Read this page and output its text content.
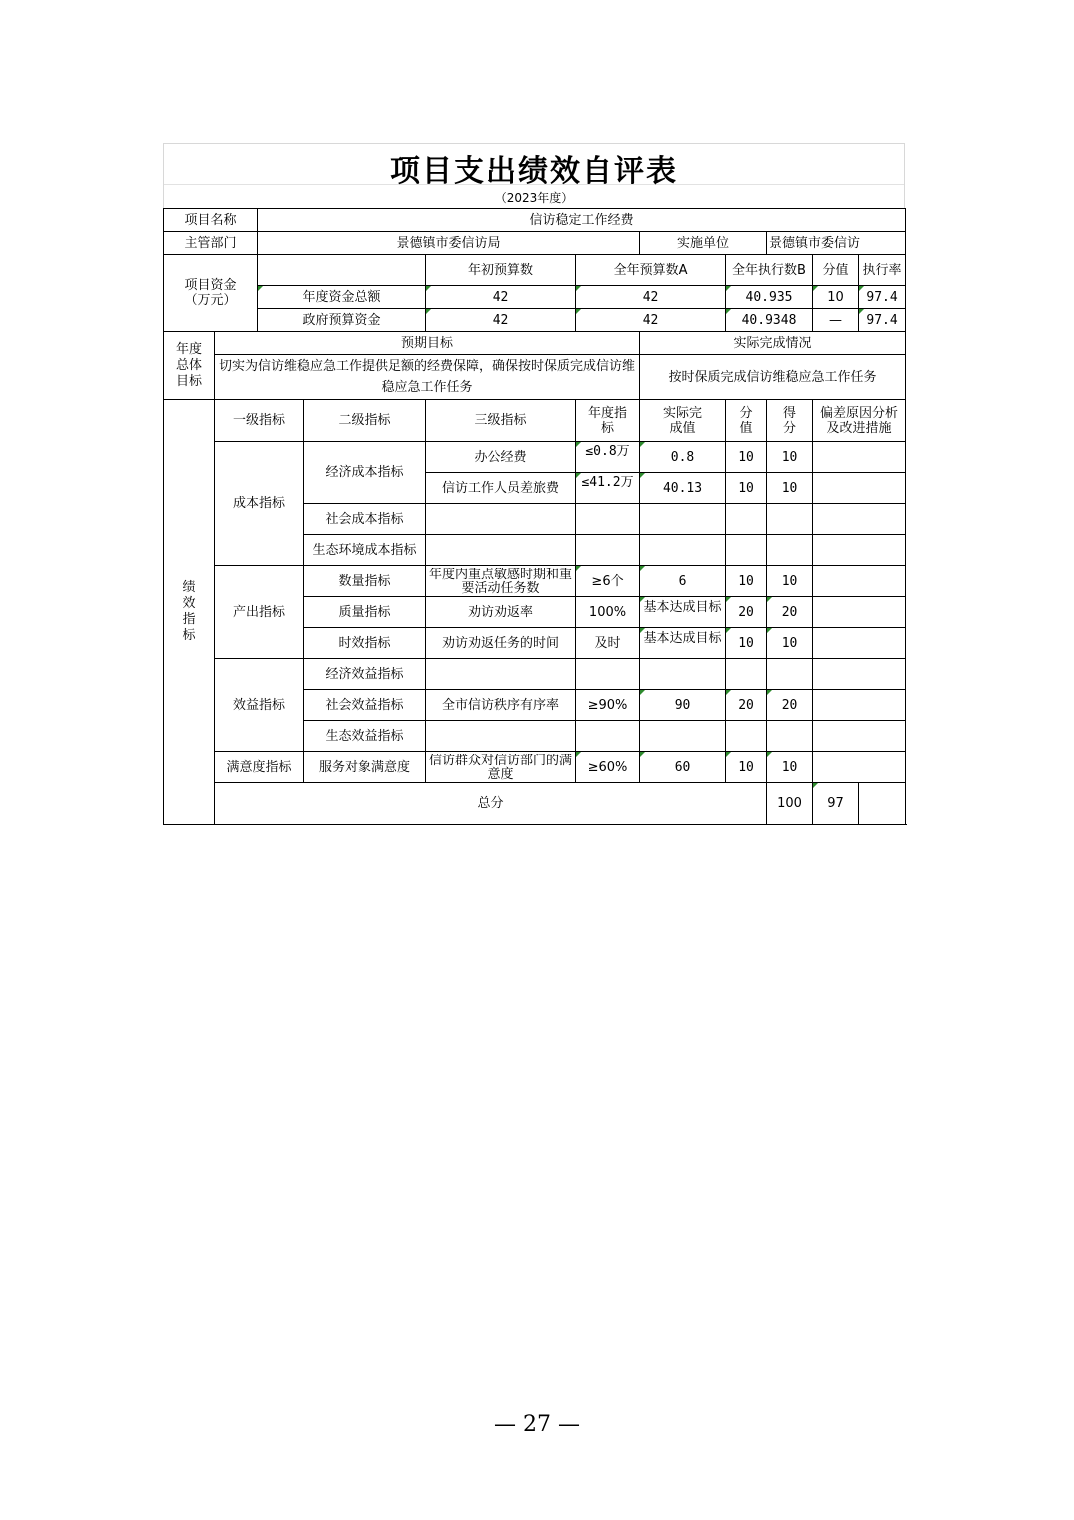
项目支出绩效自评表
（2023年度）
项目名称		信访稳定工作经费									
主管部门		景德镇市委信访局				实施单位		景德镇市委信访			
项目资金
（万元）				年初预算数	全年预算数A		全年执行数B		分值	执行率	
		年度资金总额		42	42		40.935		10	97.4	
		政府预算资金		42	42		40.9348		—	97.4	

年度总体目标	预期目标					实际完成情况					
	切实为信访维稳应急工作提供足额的经费保障，确保按时保质完成信访维稳应急工作任务					按时保质完成信访维稳应急工作任务					

绩效指标	一级指标		二级指标	三级指标	年度指标	实际完成值	分值	得分	偏差原因分析及改进措施		
	成本指标		经济成本指标	办公经费	≤0.8万	0.8	10	10			
				信访工作人员差旅费	≤41.2万	40.13	10	10			
			社会成本指标								
			生态环境成本指标								
	产出指标		数量指标	年度内重点敏感时期和重要活动任务数	≥6个	6	10	10			
			质量指标	劝访劝返率	100%	基本达成目标	20	20			
			时效指标	劝访劝返任务的时间	及时	基本达成目标	10	10			
	效益指标		经济效益指标								
			社会效益指标	全市信访秩序有序率	≥90%	90	20	20			
			生态效益指标								
	满意度指标		服务对象满意度	信访群众对信访部门的满意度	≥60%	60	10	10			
	总分							100	97		
— 27 —
